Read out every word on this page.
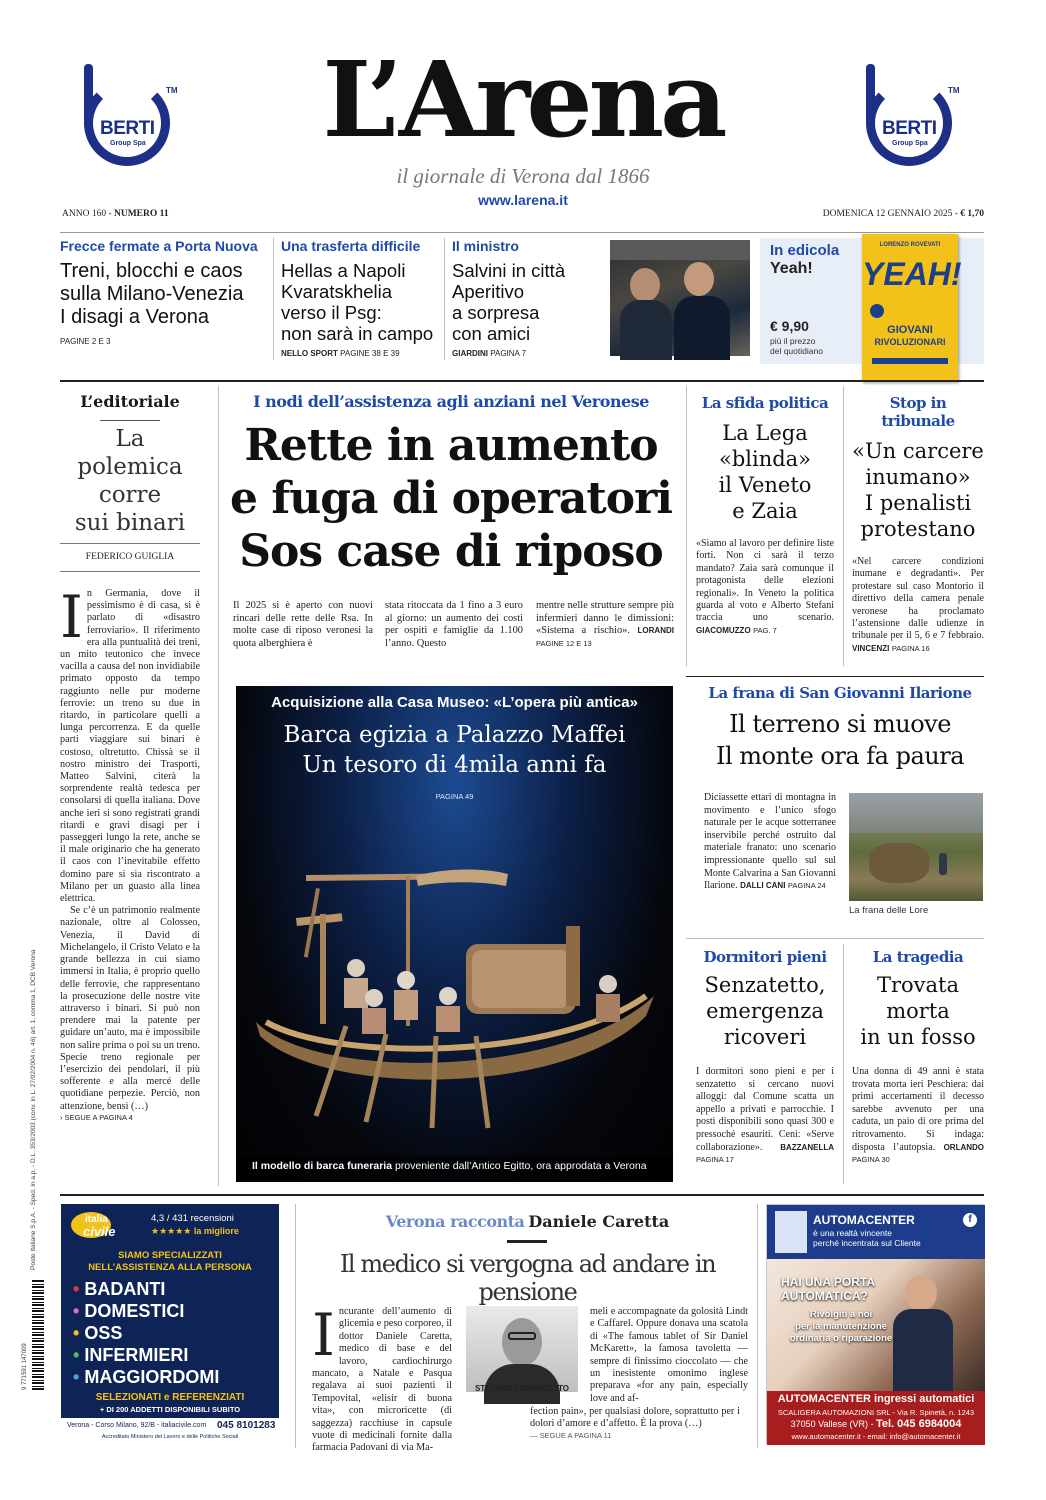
BERTI
Group Spa
TM
BERTI
Group Spa
TM
L’Arena
il giornale di Verona dal 1866
www.larena.it
ANNO 160 - NUMERO 11	DOMENICA 12 GENNAIO 2025 - € 1,70
Frecce fermate a Porta Nuova
Treni, blocchi e caos
sulla Milano-Venezia
I disagi a Verona
PAGINE 2 E 3
Una trasferta difficile
Hellas a Napoli
Kvaratskhelia
verso il Psg:
non sarà in campo
NELLO SPORT PAGINE 38 E 39
Il ministro
Salvini in città
Aperitivo
a sorpresa
con amici
GIARDINI PAGINA 7
In edicola
Yeah!
€ 9,90
più il prezzo
del quotidiano
LORENZO ROVEVATI
YEAH!
GIOVANI
RIVOLUZIONARI
L’editoriale
La polemica
corre
sui binari
FEDERICO GUIGLIA
I n Germania, dove il pessimismo è di casa, si è parlato di «disastro ferroviario». Il riferimento era alla puntualità dei treni, un mito teutonico che invece vacilla a causa del non invidiabile primato opposto da tempo raggiunto nelle pur moderne ferrovie: un treno su due in ritardo, in particolare quelli a lunga percorrenza. E da quelle parti viaggiare sui binari è costoso, oltretutto. Chissà se il nostro ministro dei Trasporti, Matteo Salvini, citerà la sorprendente realtà tedesca per consolarsi di quella italiana. Dove anche ieri si sono registrati grandi ritardi e gravi disagi per i passeggeri lungo la rete, anche se il male originario che ha generato il caos con l’inevitabile effetto domino pare si sia riscontrato a Milano per un guasto alla linea elettrica.

Se c’è un patrimonio realmente nazionale, oltre al Colosseo, Venezia, il David di Michelangelo, il Cristo Velato e la grande bellezza in cui siamo immersi in Italia, è proprio quello delle ferrovie, che rappresentano la prosecuzione delle nostre vite attraverso i binari. Si può non prendere mai la patente per guidare un’auto, ma è impossibile non salire prima o poi su un treno. Specie treno regionale per l’esercizio dei pendolari, il più sofferente e alla mercé delle quotidiane perpezie. Perciò, non attenzione, bensì (…)

› SEGUE A PAGINA 4
I nodi dell’assistenza agli anziani nel Veronese
Rette in aumento
e fuga di operatori
Sos case di riposo
Il 2025 si è aperto con nuovi rincari delle rette delle Rsa. In molte case di riposo veronesi la quota alberghiera è
stata ritoccata da 1 fino a 3 euro al giorno: un aumento dei costi per ospiti e famiglie da 1.100 l’anno. Questo
mentre nelle strutture sempre più infermieri danno le dimissioni: «Sistema a rischio». LORANDI PAGINE 12 E 13
La sfida politica
La Lega
«blinda»
il Veneto
e Zaia
«Siamo al lavoro per definire liste forti. Non ci sarà il terzo mandato? Zaia sarà comunque il protagonista delle elezioni regionali». In Veneto la politica guarda al voto e Alberto Stefani traccia uno scenario. GIACOMUZZO PAG. 7
Stop in tribunale
«Un carcere
inumano»
I penalisti
protestano
«Nel carcere condizioni inumane e degradanti». Per protestare sul caso Montorio il direttivo della camera penale veronese ha proclamato l’astensione dalle udienze in tribunale per il 5, 6 e 7 febbraio. VINCENZI PAGINA 16
Acquisizione alla Casa Museo: «L’opera più antica»
Barca egizia a Palazzo Maffei
Un tesoro di 4mila anni fa
PAGINA 49
Il modello di barca funeraria proveniente dall’Antico Egitto, ora approdata a Verona
La frana di San Giovanni Ilarione
Il terreno si muove
Il monte ora fa paura
Diciassette ettari di montagna in movimento e l’unico sfogo naturale per le acque sotterranee inservibile perché ostruito dal materiale franato: uno scenario impressionante quello sul sul Monte Calvarina a San Giovanni Ilarione. DALLI CANI PAGINA 24
La frana delle Lore
Dormitori pieni
Senzatetto,
emergenza
ricoveri
I dormitori sono pieni e per i senzatetto si cercano nuovi alloggi: dal Comune scatta un appello a privati e parrocchie. I posti disponibili sono quasi 300 e pressoché esauriti. Ceni: «Serve collaborazione». BAZZANELLA PAGINA 17
La tragedia
Trovata
morta
in un fosso
Una donna di 49 anni è stata trovata morta ieri Peschiera: dai primi accertamenti il decesso sarebbe avvenuto per una caduta, un paio di ore prima del ritrovamento. Si indaga: disposta l’autopsia. ORLANDO PAGINA 30
Poste Italiane S.p.A. - Sped. in a.p. - D.L. 353/2003 (conv. in L. 27/02/2004 n. 46) art. 1, comma 1, DCB Verona
9 771591 147009
italia
civile
4,3 / 431 recensioni
★★★★★ la migliore
SIAMO SPECIALIZZATI
NELL’ASSISTENZA ALLA PERSONA
• BADANTI
• DOMESTICI
• OSS
• INFERMIERI
• MAGGIORDOMI
SELEZIONATI e REFERENZIATI
+ DI 200 ADDETTI DISPONIBILI SUBITO
Verona - Corso Milano, 92/B - italiacivile.com 045 8101283
Accreditato Ministero del Lavoro e delle Politiche Sociali
Verona racconta Daniele Caretta
Il medico si vergogna ad andare in pensione
I ncurante dell’aumento di glicemia e peso corporeo, il dottor Daniele Caretta, medico di base e del lavoro, cardiochirurgo mancato, a Natale e Pasqua regalava ai suoi pazienti il Tempovital, «elisir di buona vita», con microricette (di saggezza) racchiuse in capsule vuote di medicinali fornite dalla farmacia Padovani di via Ma-

STEFANO LORENZETTO

fection pain», per qualsiasi dolore, soprattutto per i dolori d’amore e d’affetto. È la prova (…)

— SEGUE A PAGINA 11
meli e accompagnate da golosità Lindt e Caffarel. Oppure donava una scatola di «The famous tablet of Sir Daniel McKarett», la famosa tavoletta — sempre di finissimo cioccolato — che un inesistente omonimo inglese preparava «for any pain, especially love and af-
AUTOMACENTER
è una realtà vincente
perché incentrata sul Cliente
f
HAI UNA PORTA
AUTOMATICA?
Rivolgiti a noi
per la manutenzione
ordinaria o riparazione
AUTOMACENTER ingressi automatici
SCALIGERA AUTOMAZIONI SRL - Via R. Spinetà, n. 1243
37050 Vallese (VR) - Tel. 045 6984004
www.automacenter.it - email: info@automacenter.it
